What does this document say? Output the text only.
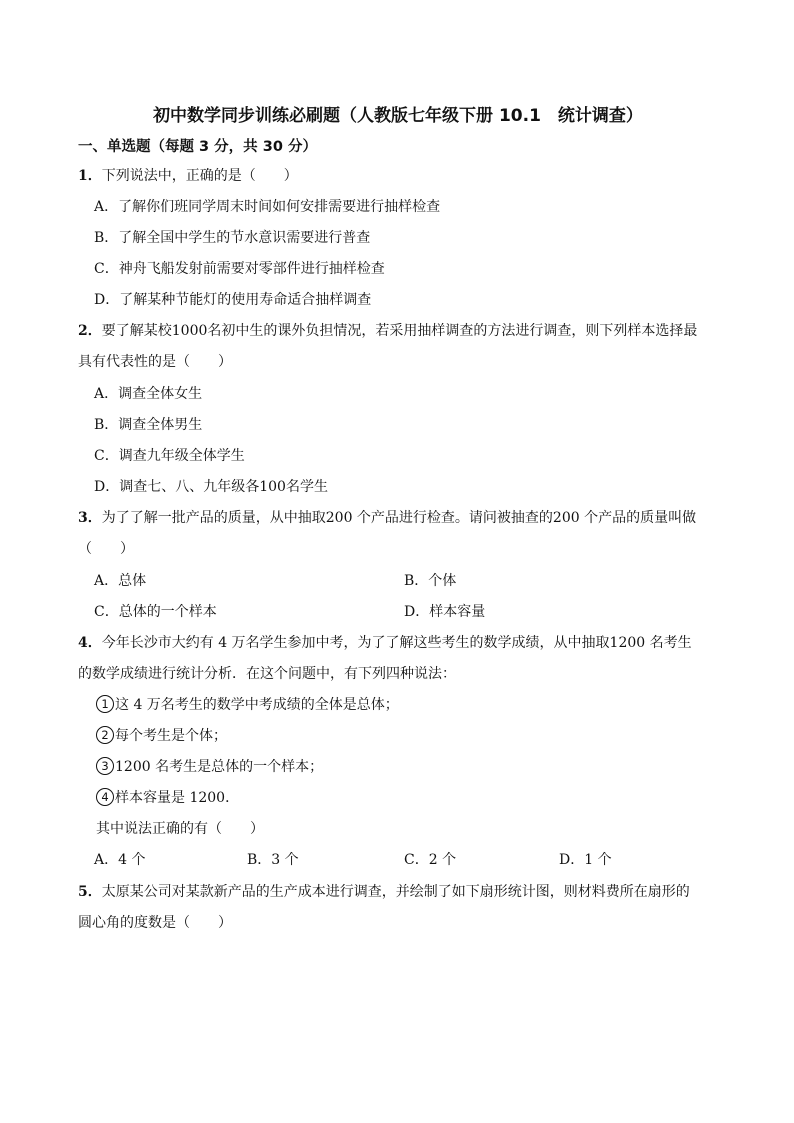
初中数学同步训练必刷题（人教版七年级下册 10.1　统计调查）
一、单选题（每题 3 分，共 30 分）
1．下列说法中，正确的是（　　）
A．了解你们班同学周末时间如何安排需要进行抽样检查
B．了解全国中学生的节水意识需要进行普查
C．神舟飞船发射前需要对零部件进行抽样检查
D．了解某种节能灯的使用寿命适合抽样调查
2．要了解某校1000名初中生的课外负担情况，若采用抽样调查的方法进行调查，则下列样本选择最
具有代表性的是（　　）
A．调查全体女生
B．调查全体男生
C．调查九年级全体学生
D．调查七、八、九年级各100名学生
3．为了了解一批产品的质量，从中抽取200 个产品进行检查。请问被抽查的200 个产品的质量叫做
（　　）
A．总体	B．个体
C．总体的一个样本	D．样本容量
4．今年长沙市大约有 4 万名学生参加中考，为了了解这些考生的数学成绩，从中抽取1200 名考生
的数学成绩进行统计分析．在这个问题中，有下列四种说法：
1 这 4 万名考生的数学中考成绩的全体是总体；
2 每个考生是个体；
3 1200 名考生是总体的一个样本；
4 样本容量是 1200．
其中说法正确的有（　　）
A．4 个	B．3 个	C．2 个	D．1 个
5．太原某公司对某款新产品的生产成本进行调查，并绘制了如下扇形统计图，则材料费所在扇形的
圆心角的度数是（　　）
